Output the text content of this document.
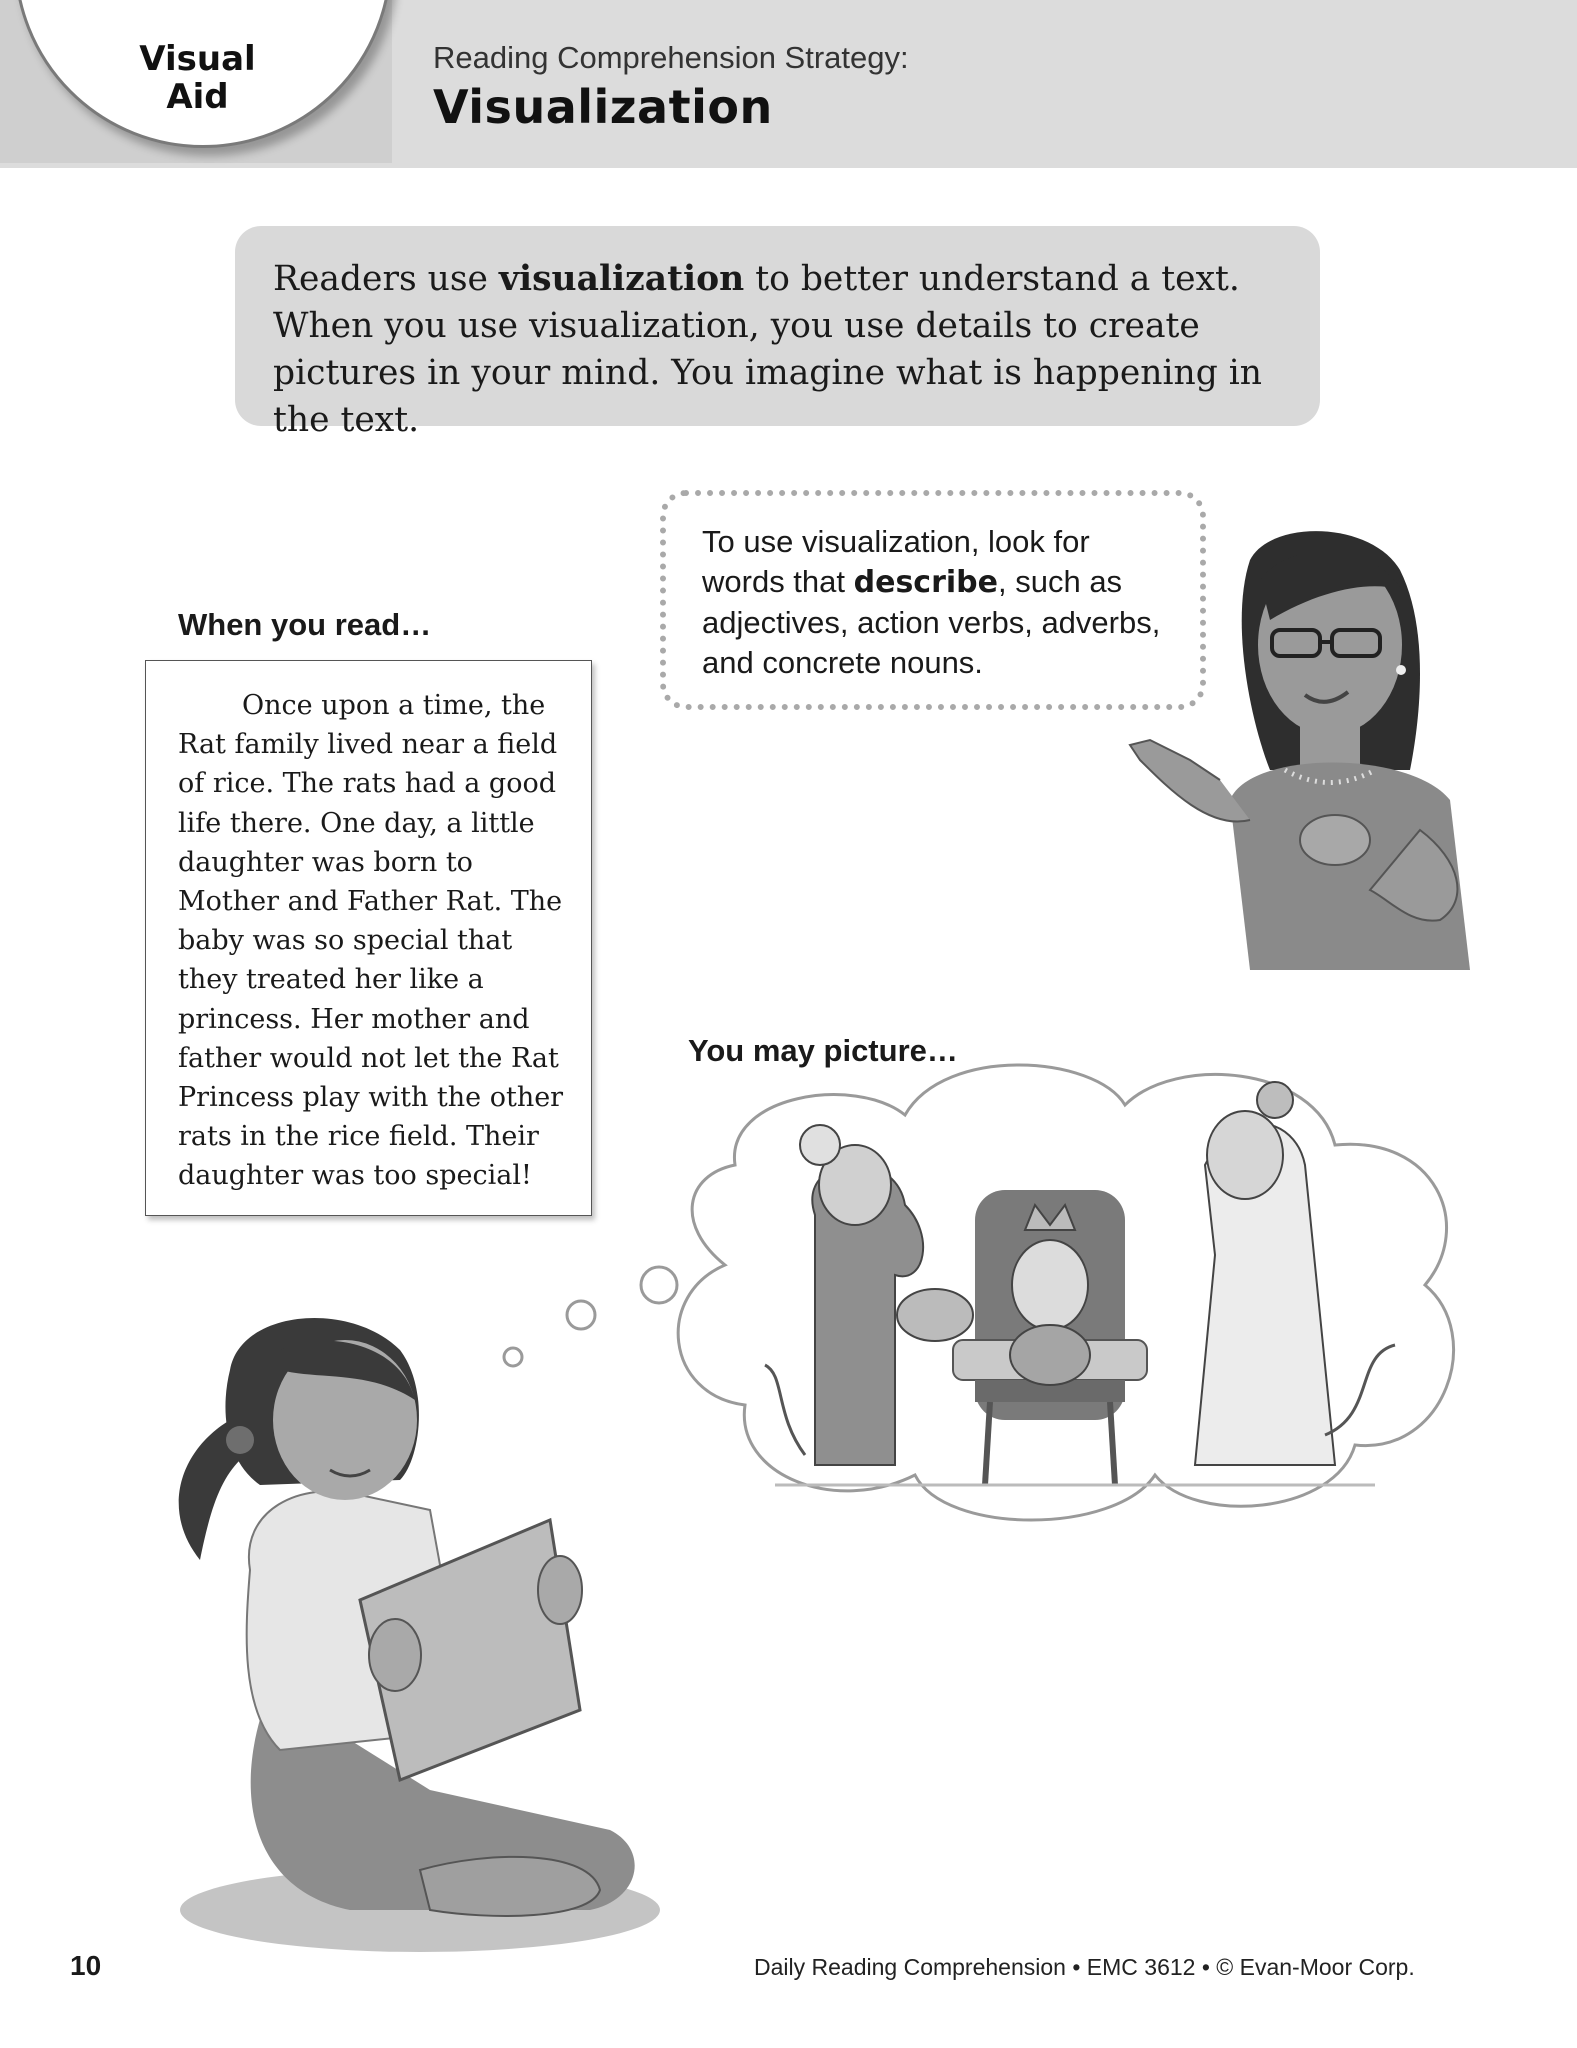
Visual Aid
Reading Comprehension Strategy:
Visualization
Readers use visualization to better understand a text. When you use visualization, you use details to create pictures in your mind. You imagine what is happening in the text.
To use visualization, look for words that describe, such as adjectives, action verbs, adverbs, and concrete nouns.
When you read…
Once upon a time, the Rat family lived near a field of rice. The rats had a good life there. One day, a little daughter was born to Mother and Father Rat. The baby was so special that they treated her like a princess. Her mother and father would not let the Rat Princess play with the other rats in the rice field. Their daughter was too special!
You may picture…
10	Daily Reading Comprehension • EMC 3612 • © Evan-Moor Corp.
